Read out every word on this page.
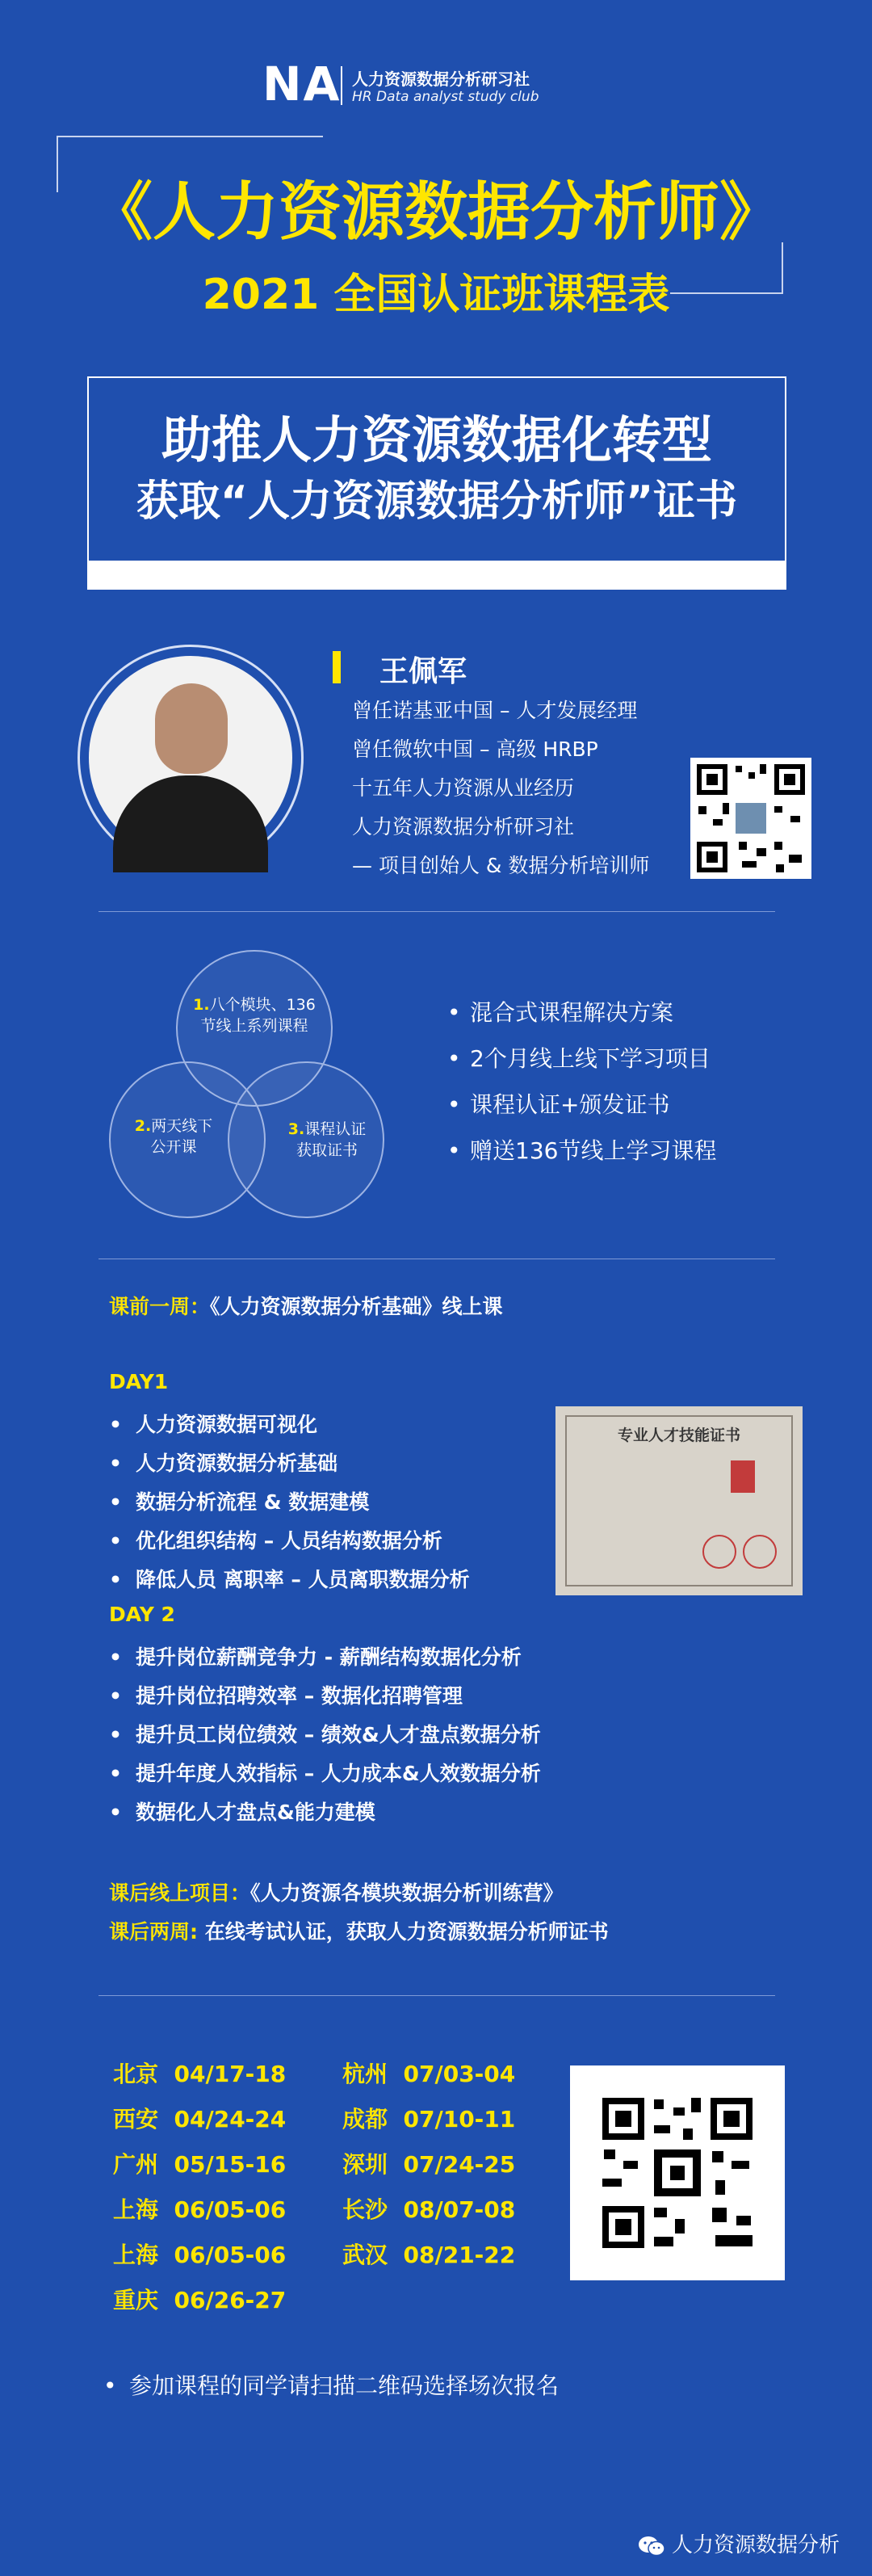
NA 人力资源数据分析研习社
HR Data analyst study club
《人力资源数据分析师》
2021 全国认证班课程表
助推人力资源数据化转型
获取“人力资源数据分析师”证书
王佩军
曾任诺基亚中国 – 人才发展经理
曾任微软中国 – 高级 HRBP
十五年人力资源从业经历
人力资源数据分析研习社
— 项目创始人 & 数据分析培训师
1.八个模块、136
节线上系列课程
2.两天线下
公开课
3.课程认证
获取证书
• 混合式课程解决方案
• 2个月线上线下学习项目
• 课程认证+颁发证书
• 赠送136节线上学习课程
课前一周：《人力资源数据分析基础》线上课
DAY1
• 人力资源数据可视化
• 人力资源数据分析基础
• 数据分析流程 & 数据建模
• 优化组织结构 – 人员结构数据分析
• 降低人员 离职率 – 人员离职数据分析
专业人才技能证书
DAY 2
• 提升岗位薪酬竞争力 - 薪酬结构数据化分析
• 提升岗位招聘效率 – 数据化招聘管理
• 提升员工岗位绩效 – 绩效&人才盘点数据分析
• 提升年度人效指标 – 人力成本&人效数据分析
• 数据化人才盘点&能力建模
课后线上项目：《人力资源各模块数据分析训练营》
课后两周: 在线考试认证，获取人力资源数据分析师证书
北京 04/17-18
西安 04/24-24
广州 05/15-16
上海 06/05-06
上海 06/05-06
重庆 06/26-27
杭州 07/03-04
成都 07/10-11
深圳 07/24-25
长沙 08/07-08
武汉 08/21-22
• 参加课程的同学请扫描二维码选择场次报名
人力资源数据分析
